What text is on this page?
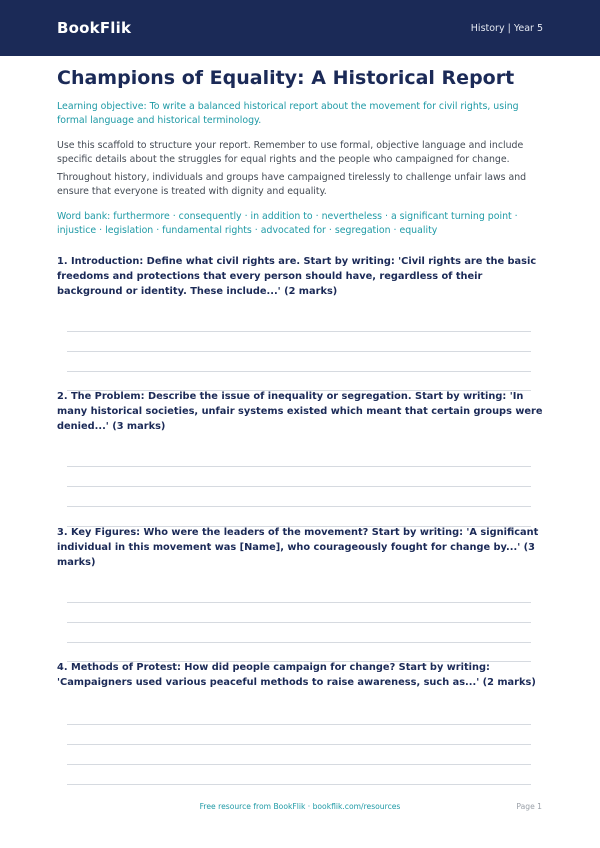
BookFlik	History | Year 5
Champions of Equality: A Historical Report

Learning objective: To write a balanced historical report about the movement for civil rights, using formal language and historical terminology.

Use this scaffold to structure your report. Remember to use formal, objective language and include specific details about the struggles for equal rights and the people who campaigned for change.

Throughout history, individuals and groups have campaigned tirelessly to challenge unfair laws and ensure that everyone is treated with dignity and equality.

Word bank: furthermore · consequently · in addition to · nevertheless · a significant turning point · injustice · legislation · fundamental rights · advocated for · segregation · equality

1. Introduction: Define what civil rights are. Start by writing: 'Civil rights are the basic freedoms and protections that every person should have, regardless of their background or identity. These include...' (2 marks)

2. The Problem: Describe the issue of inequality or segregation. Start by writing: 'In many historical societies, unfair systems existed which meant that certain groups were denied...' (3 marks)

3. Key Figures: Who were the leaders of the movement? Start by writing: 'A significant individual in this movement was [Name], who courageously fought for change by...' (3 marks)

4. Methods of Protest: How did people campaign for change? Start by writing: 'Campaigners used various peaceful methods to raise awareness, such as...' (2 marks)

Free resource from BookFlik · bookflik.com/resources	Page 1
